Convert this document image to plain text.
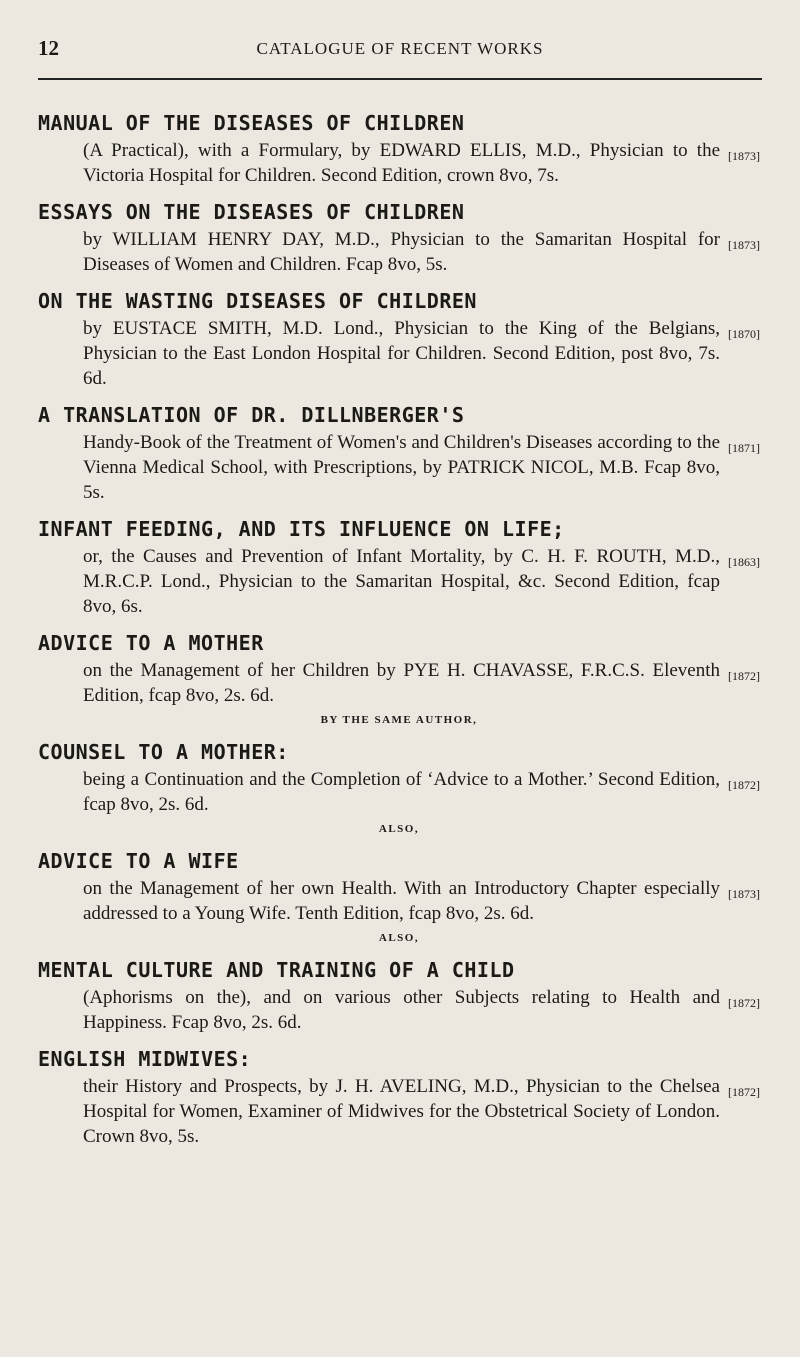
12	CATALOGUE OF RECENT WORKS
MANUAL OF THE DISEASES OF CHILDREN
[1873]
(A Practical), with a Formulary, by EDWARD ELLIS, M.D., Physician to the Victoria Hospital for Children. Second Edition, crown 8vo, 7s.
ESSAYS ON THE DISEASES OF CHILDREN
[1873]
by WILLIAM HENRY DAY, M.D., Physician to the Samaritan Hospital for Diseases of Women and Children. Fcap 8vo, 5s.
ON THE WASTING DISEASES OF CHILDREN
[1870]
by EUSTACE SMITH, M.D. Lond., Physician to the King of the Belgians, Physician to the East London Hospital for Children. Second Edition, post 8vo, 7s. 6d.
A TRANSLATION OF DR. DILLNBERGER'S
[1871]
Handy-Book of the Treatment of Women's and Children's Diseases according to the Vienna Medical School, with Prescriptions, by PATRICK NICOL, M.B. Fcap 8vo, 5s.
INFANT FEEDING, AND ITS INFLUENCE ON LIFE;
[1863]
or, the Causes and Prevention of Infant Mortality, by C. H. F. ROUTH, M.D., M.R.C.P. Lond., Physician to the Samaritan Hospital, &c. Second Edition, fcap 8vo, 6s.
ADVICE TO A MOTHER
[1872]
on the Management of her Children by PYE H. CHAVASSE, F.R.C.S. Eleventh Edition, fcap 8vo, 2s. 6d.
BY THE SAME AUTHOR,
COUNSEL TO A MOTHER:
[1872]
being a Continuation and the Completion of ‘Advice to a Mother.’ Second Edition, fcap 8vo, 2s. 6d.
ALSO,
ADVICE TO A WIFE
[1873]
on the Management of her own Health. With an Introductory Chapter especially addressed to a Young Wife. Tenth Edition, fcap 8vo, 2s. 6d.
ALSO,
MENTAL CULTURE AND TRAINING OF A CHILD
[1872]
(Aphorisms on the), and on various other Subjects relating to Health and Happiness. Fcap 8vo, 2s. 6d.
ENGLISH MIDWIVES:
[1872]
their History and Prospects, by J. H. AVELING, M.D., Physician to the Chelsea Hospital for Women, Examiner of Midwives for the Obstetrical Society of London. Crown 8vo, 5s.
